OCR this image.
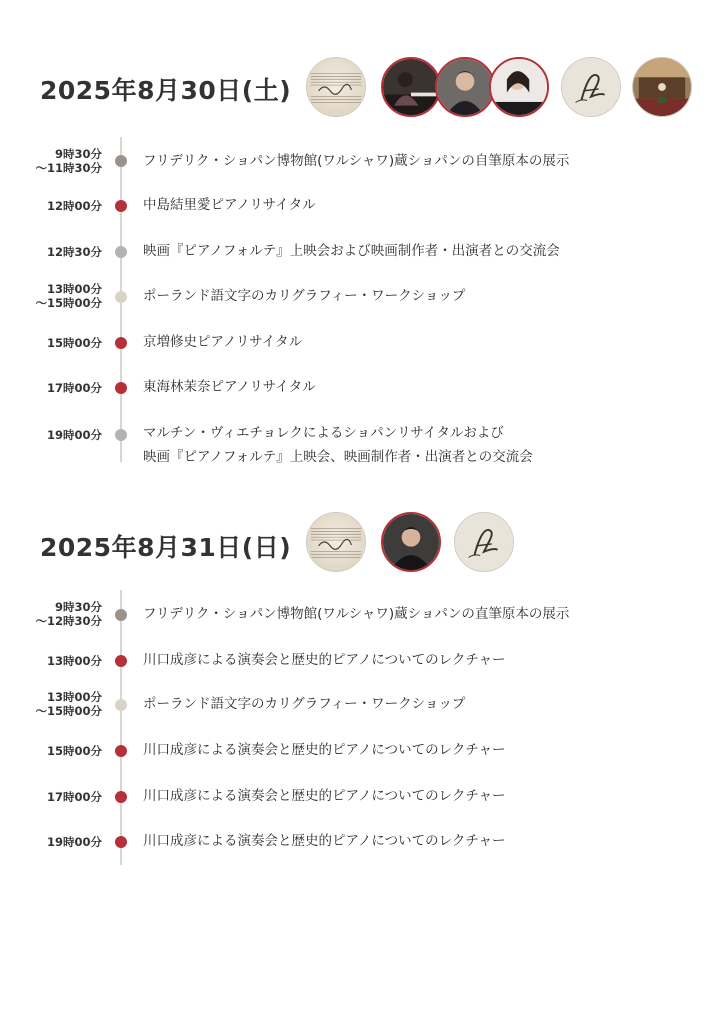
2025年8月30日(土)
9時30分
〜11時30分	フリデリク・ショパン博物館(ワルシャワ)蔵ショパンの自筆原本の展示
12時00分	中島結里愛ピアノリサイタル
12時30分	映画『ピアノフォルテ』上映会および映画制作者・出演者との交流会
13時00分
〜15時00分	ポーランド語文字のカリグラフィー・ワークショップ
15時00分	京増修史ピアノリサイタル
17時00分	東海林茉奈ピアノリサイタル
19時00分	マルチン・ヴィエチョレクによるショパンリサイタルおよび
映画『ピアノフォルテ』上映会、映画制作者・出演者との交流会
2025年8月31日(日)
9時30分
〜12時30分	フリデリク・ショパン博物館(ワルシャワ)蔵ショパンの直筆原本の展示
13時00分	川口成彦による演奏会と歴史的ピアノについてのレクチャー
13時00分
〜15時00分	ポーランド語文字のカリグラフィー・ワークショップ
15時00分	川口成彦による演奏会と歴史的ピアノについてのレクチャー
17時00分	川口成彦による演奏会と歴史的ピアノについてのレクチャー
19時00分	川口成彦による演奏会と歴史的ピアノについてのレクチャー
